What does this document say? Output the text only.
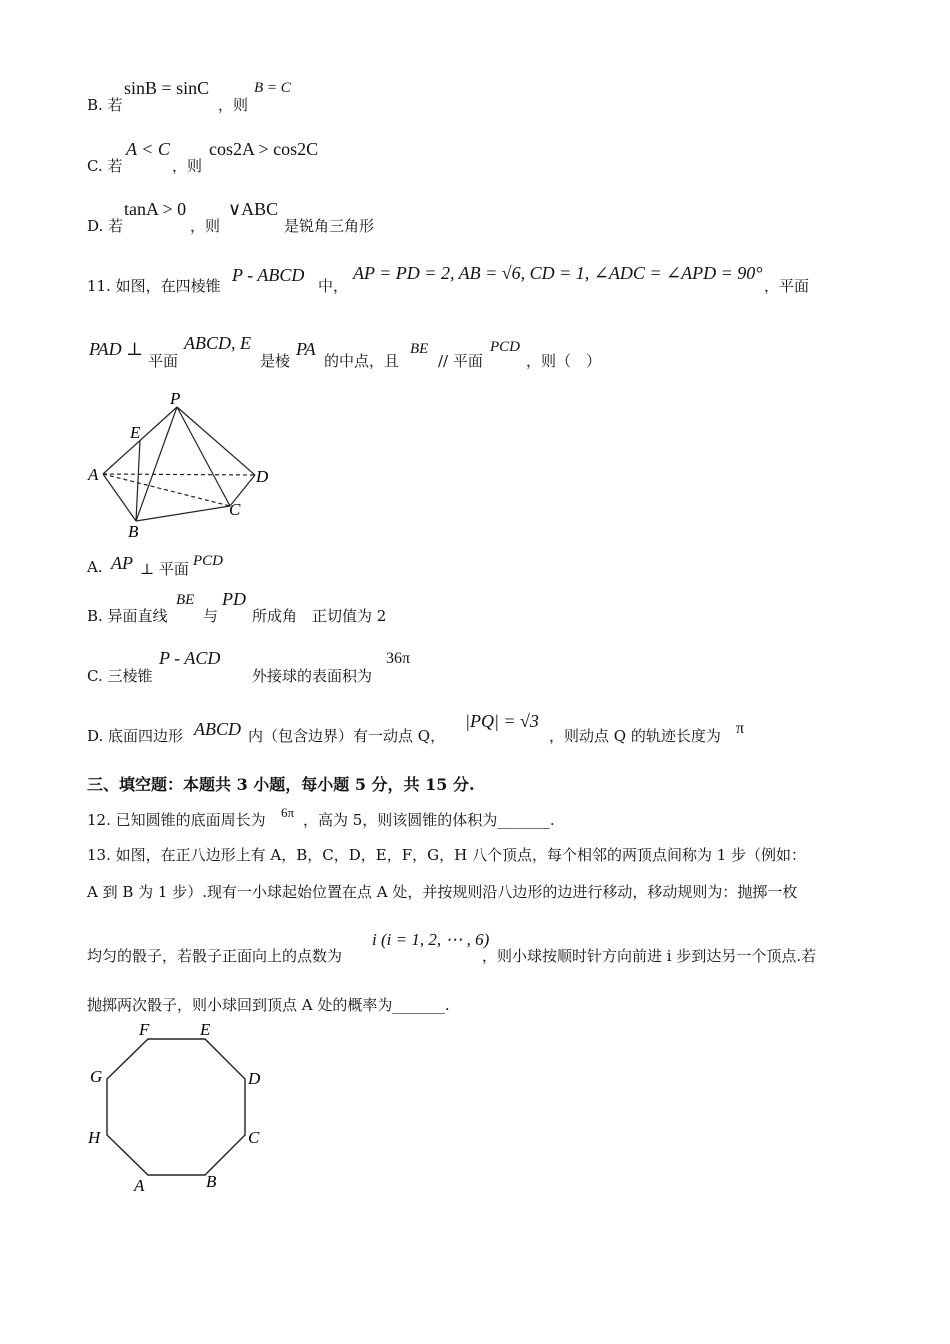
B. 若
sinB = sinC
，则
B = C
C. 若
A < C
，则
cos2A > cos2C
D. 若
tanA > 0
，则
∨ABC
是锐角三角形
11. 如图，在四棱锥
P - ABCD
中，
AP = PD = 2, AB = √6, CD = 1, ∠ADC = ∠APD = 90°
，平面
PAD ⊥
平面
ABCD, E
是棱
PA
的中点，且
BE
// 平面
PCD
，则（　）
P
E
A	D
B
C
A. AP ⊥ 平面 PCD
B. 异面直线
BE
与
PD
所成角　正切值为 2
C. 三棱锥
P - ACD
外接球的表面积为
36π
D. 底面四边形 ABCD 内（包含边界）有一动点 Q，
|PQ| = √3
，则动点 Q 的轨迹长度为 π
三、填空题：本题共 3 小题，每小题 5 分，共 15 分.
12. 已知圆锥的底面周长为 6π ，高为 5，则该圆锥的体积为_______.
13. 如图，在正八边形上有 A，B，C，D，E，F，G，H 八个顶点，每个相邻的两顶点间称为 1 步（例如：
A 到 B 为 1 步）.现有一小球起始位置在点 A 处，并按规则沿八边形的边进行移动，移动规则为：抛掷一枚
均匀的骰子，若骰子正面向上的点数为
i (i = 1, 2, ⋯ , 6)
，则小球按顺时针方向前进 i 步到达另一个顶点.若
抛掷两次骰子，则小球回到顶点 A 处的概率为_______.
F	E
G	D
H	C
A	B
